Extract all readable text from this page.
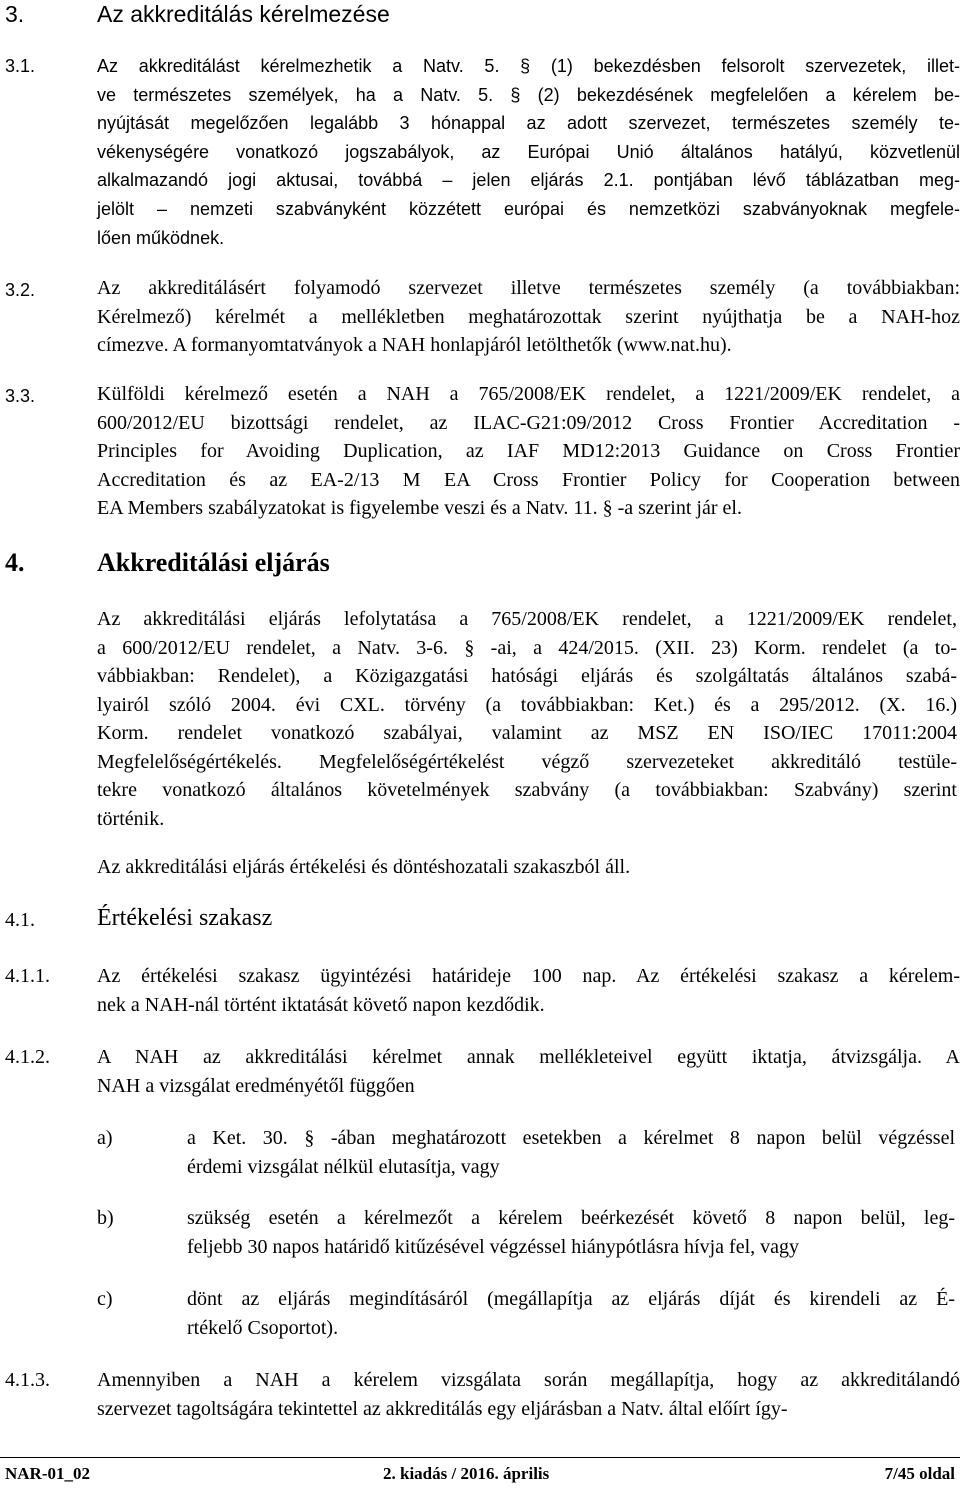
3.	Az akkreditálás kérelmezése
3.1.	Az akkreditálást kérelmezhetik a Natv. 5. § (1) bekezdésben felsorolt szervezetek, illet-

ve természetes személyek, ha a Natv. 5. § (2) bekezdésének megfelelően a kérelem be-

nyújtását megelőzően legalább 3 hónappal az adott szervezet, természetes személy te-

vékenységére vonatkozó jogszabályok, az Európai Unió általános hatályú, közvetlenül

alkalmazandó jogi aktusai, továbbá – jelen eljárás 2.1. pontjában lévő táblázatban meg-

jelölt – nemzeti szabványként közzétett európai és nemzetközi szabványoknak megfele-

lően működnek.

3.2.	Az akkreditálásért folyamodó szervezet illetve természetes személy (a továbbiakban:

Kérelmező) kérelmét a mellékletben meghatározottak szerint nyújthatja be a NAH-hoz

címezve. A formanyomtatványok a NAH honlapjáról letölthetők (www.nat.hu).

3.3.	Külföldi kérelmező esetén a NAH a 765/2008/EK rendelet, a 1221/2009/EK rendelet, a

600/2012/EU bizottsági rendelet, az ILAC-G21:09/2012 Cross Frontier Accreditation -

Principles for Avoiding Duplication, az IAF MD12:2013 Guidance on Cross Frontier

Accreditation és az EA-2/13 M EA Cross Frontier Policy for Cooperation between

EA Members szabályzatokat is figyelembe veszi és a Natv. 11. § -a szerint jár el.

4.	Akkreditálási eljárás

Az akkreditálási eljárás lefolytatása a 765/2008/EK rendelet, a 1221/2009/EK rendelet,

a 600/2012/EU rendelet, a Natv. 3-6. § -ai, a 424/2015. (XII. 23) Korm. rendelet (a to-

vábbiakban: Rendelet), a Közigazgatási hatósági eljárás és szolgáltatás általános szabá-

lyairól szóló 2004. évi CXL. törvény (a továbbiakban: Ket.) és a 295/2012. (X. 16.)

Korm. rendelet vonatkozó szabályai, valamint az MSZ EN ISO/IEC 17011:2004

Megfelelőségértékelés. Megfelelőségértékelést végző szervezeteket akkreditáló testüle-

tekre vonatkozó általános követelmények szabvány (a továbbiakban: Szabvány) szerint

történik.

Az akkreditálási eljárás értékelési és döntéshozatali szakaszból áll.

4.1.	Értékelési szakasz
4.1.1. Az értékelési szakasz ügyintézési határideje 100 nap. Az értékelési szakasz a kérelem-

nek a NAH-nál történt iktatását követő napon kezdődik.

4.1.2. A NAH az akkreditálási kérelmet annak mellékleteivel együtt iktatja, átvizsgálja. A

NAH a vizsgálat eredményétől függően

a)	a Ket. 30. § -ában meghatározott esetekben a kérelmet 8 napon belül végzéssel

érdemi vizsgálat nélkül elutasítja, vagy

b)	szükség esetén a kérelmezőt a kérelem beérkezését követő 8 napon belül, leg-

feljebb 30 napos határidő kitűzésével végzéssel hiánypótlásra hívja fel, vagy

c)	dönt az eljárás megindításáról (megállapítja az eljárás díját és kirendeli az É-

rtékelő Csoportot).

4.1.3. Amennyiben a NAH a kérelem vizsgálata során megállapítja, hogy az akkreditálandó

szervezet tagoltságára tekintettel az akkreditálás egy eljárásban a Natv. által előírt így-

NAR-01_02	2. kiadás / 2016. április	7/45 oldal
